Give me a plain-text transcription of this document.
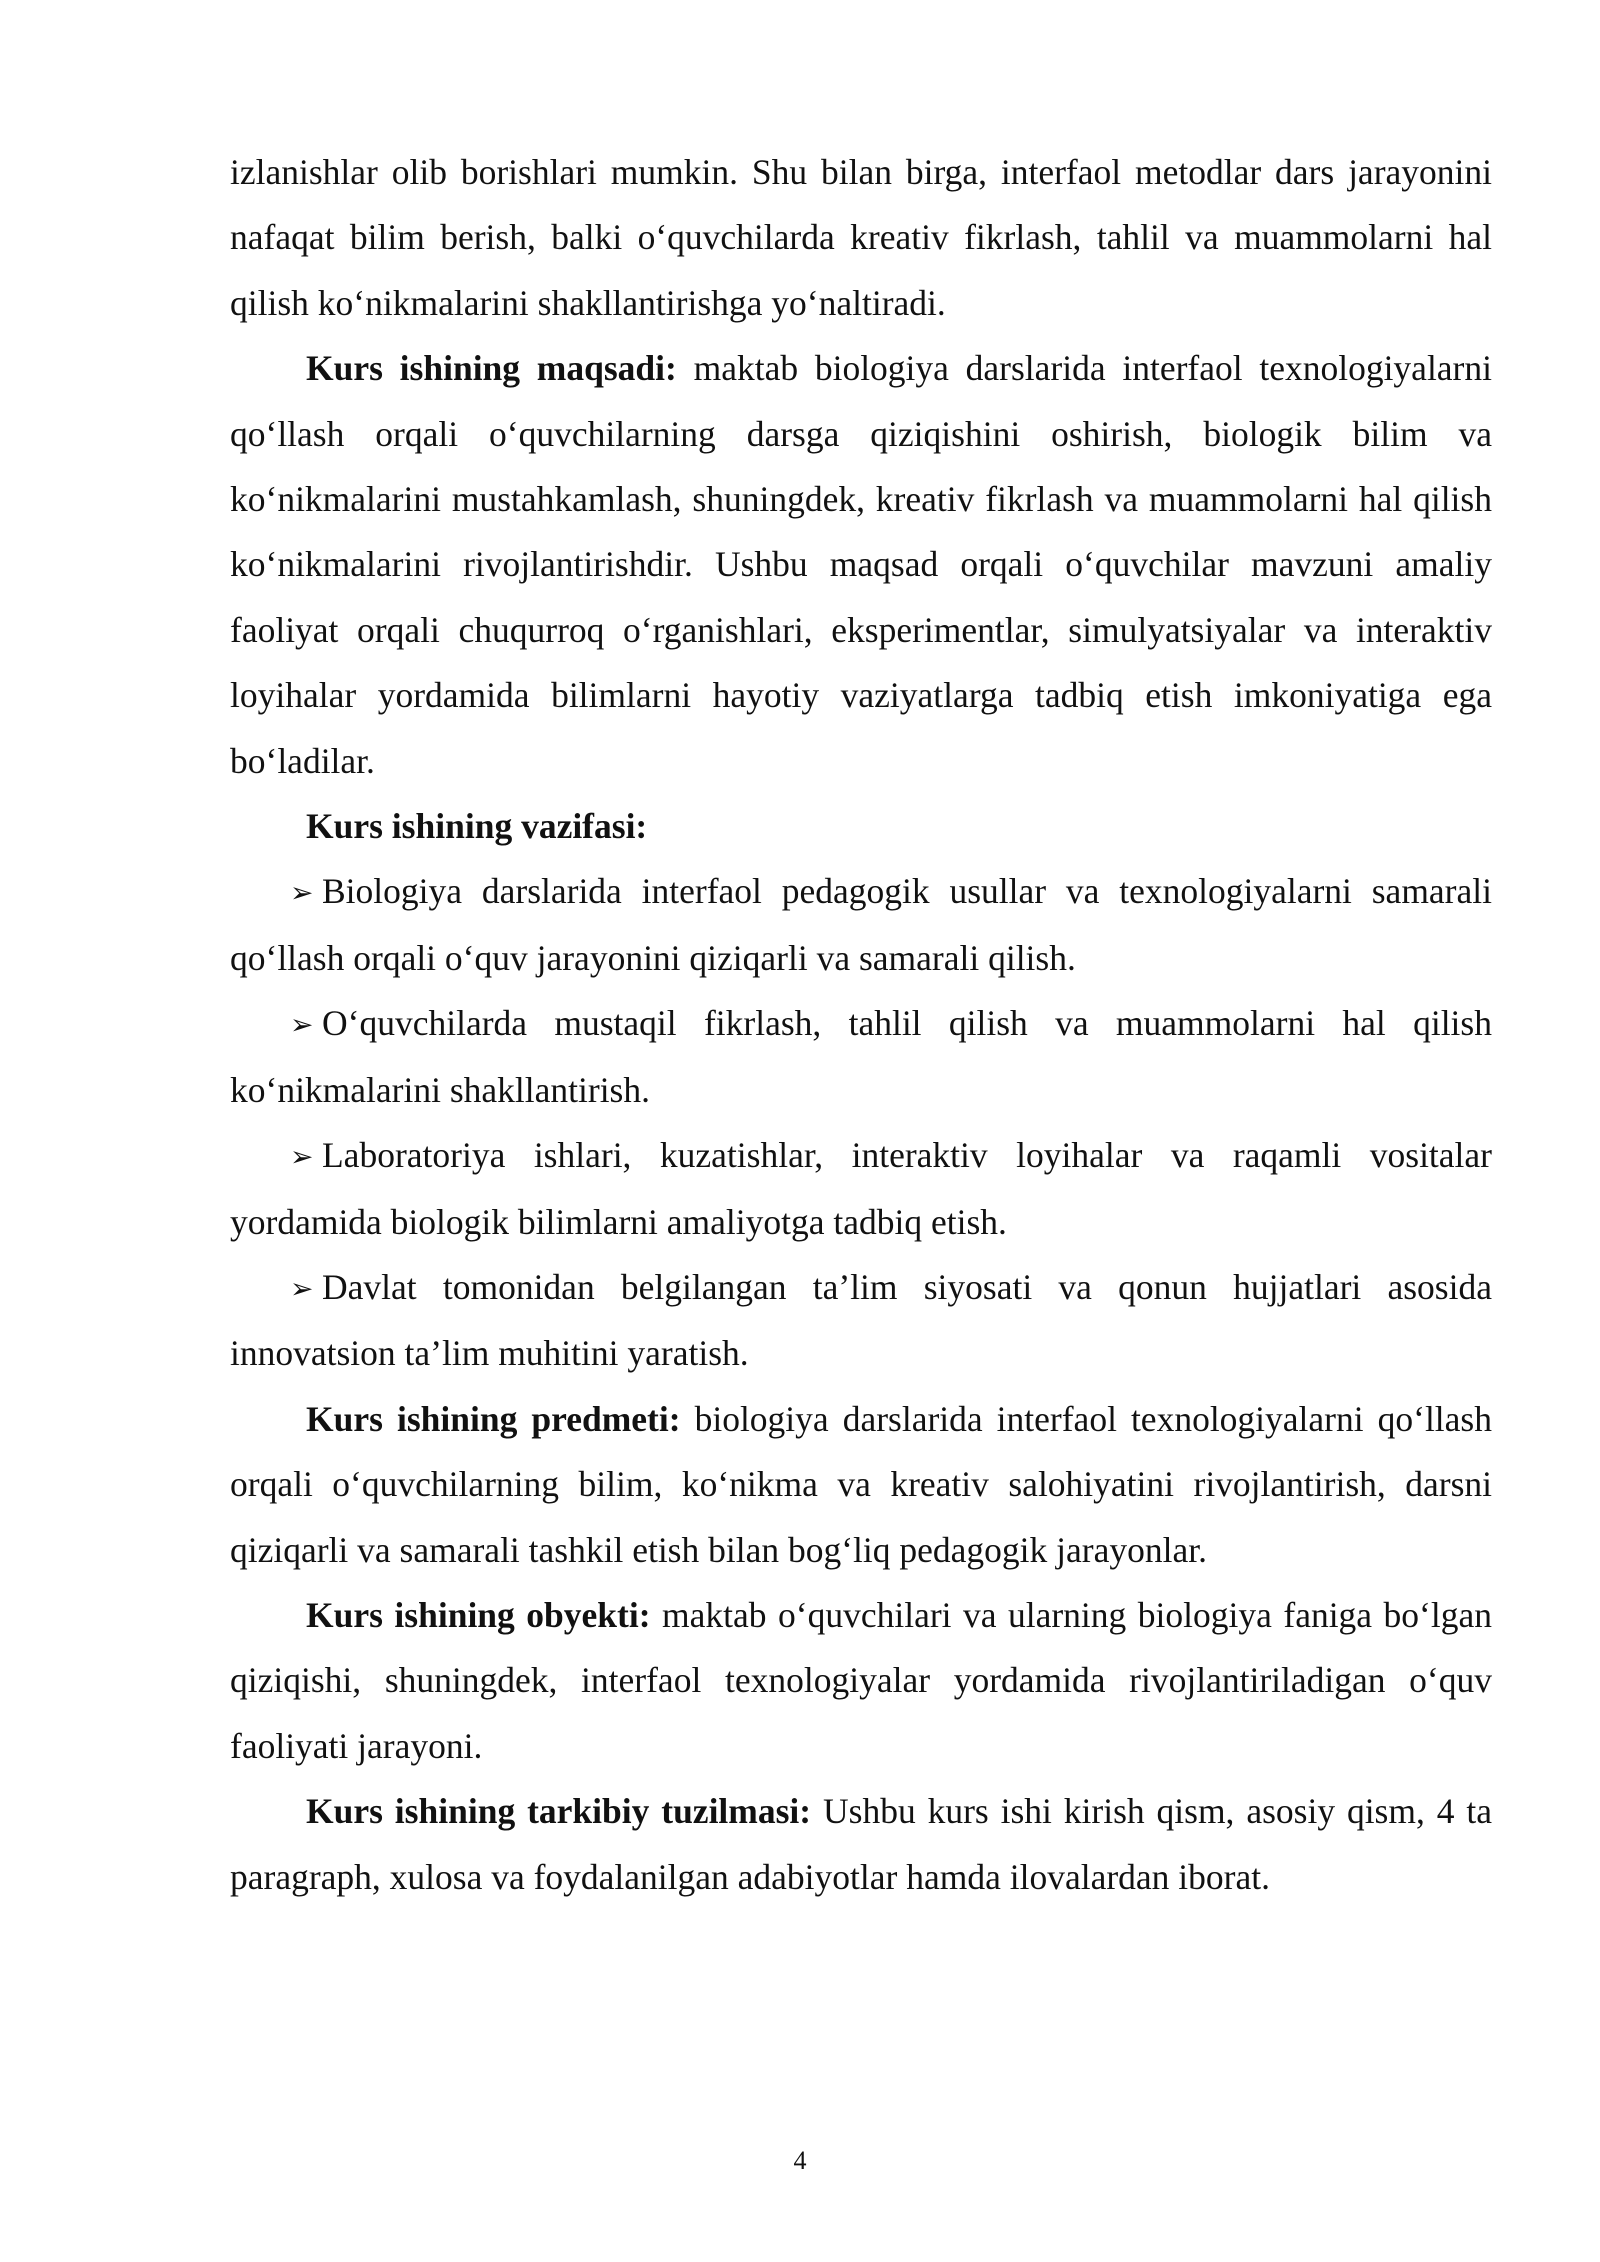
izlanishlar olib borishlari mumkin. Shu bilan birga, interfaol metodlar dars jarayonini nafaqat bilim berish, balki o‘quvchilarda kreativ fikrlash, tahlil va muammolarni hal qilish ko‘nikmalarini shakllantirishga yo‘naltiradi.

Kurs ishining maqsadi: maktab biologiya darslarida interfaol texnologiyalarni qo‘llash orqali o‘quvchilarning darsga qiziqishini oshirish, biologik bilim va ko‘nikmalarini mustahkamlash, shuningdek, kreativ fikrlash va muammolarni hal qilish ko‘nikmalarini rivojlantirishdir. Ushbu maqsad orqali o‘quvchilar mavzuni amaliy faoliyat orqali chuqurroq o‘rganishlari, eksperimentlar, simulyatsiyalar va interaktiv loyihalar yordamida bilimlarni hayotiy vaziyatlarga tadbiq etish imkoniyatiga ega bo‘ladilar.

Kurs ishining vazifasi:

➢ Biologiya darslarida interfaol pedagogik usullar va texnologiyalarni samarali qo‘llash orqali o‘quv jarayonini qiziqarli va samarali qilish.

➢ O‘quvchilarda mustaqil fikrlash, tahlil qilish va muammolarni hal qilish ko‘nikmalarini shakllantirish.

➢ Laboratoriya ishlari, kuzatishlar, interaktiv loyihalar va raqamli vositalar yordamida biologik bilimlarni amaliyotga tadbiq etish.

➢ Davlat tomonidan belgilangan ta’lim siyosati va qonun hujjatlari asosida innovatsion ta’lim muhitini yaratish.

Kurs ishining predmeti: biologiya darslarida interfaol texnologiyalarni qo‘llash orqali o‘quvchilarning bilim, ko‘nikma va kreativ salohiyatini rivojlantirish, darsni qiziqarli va samarali tashkil etish bilan bog‘liq pedagogik jarayonlar.

Kurs ishining obyekti: maktab o‘quvchilari va ularning biologiya faniga bo‘lgan qiziqishi, shuningdek, interfaol texnologiyalar yordamida rivojlantiriladigan o‘quv faoliyati jarayoni.

Kurs ishining tarkibiy tuzilmasi: Ushbu kurs ishi kirish qism, asosiy qism, 4 ta paragraph, xulosa va foydalanilgan adabiyotlar hamda ilovalardan iborat.

4
